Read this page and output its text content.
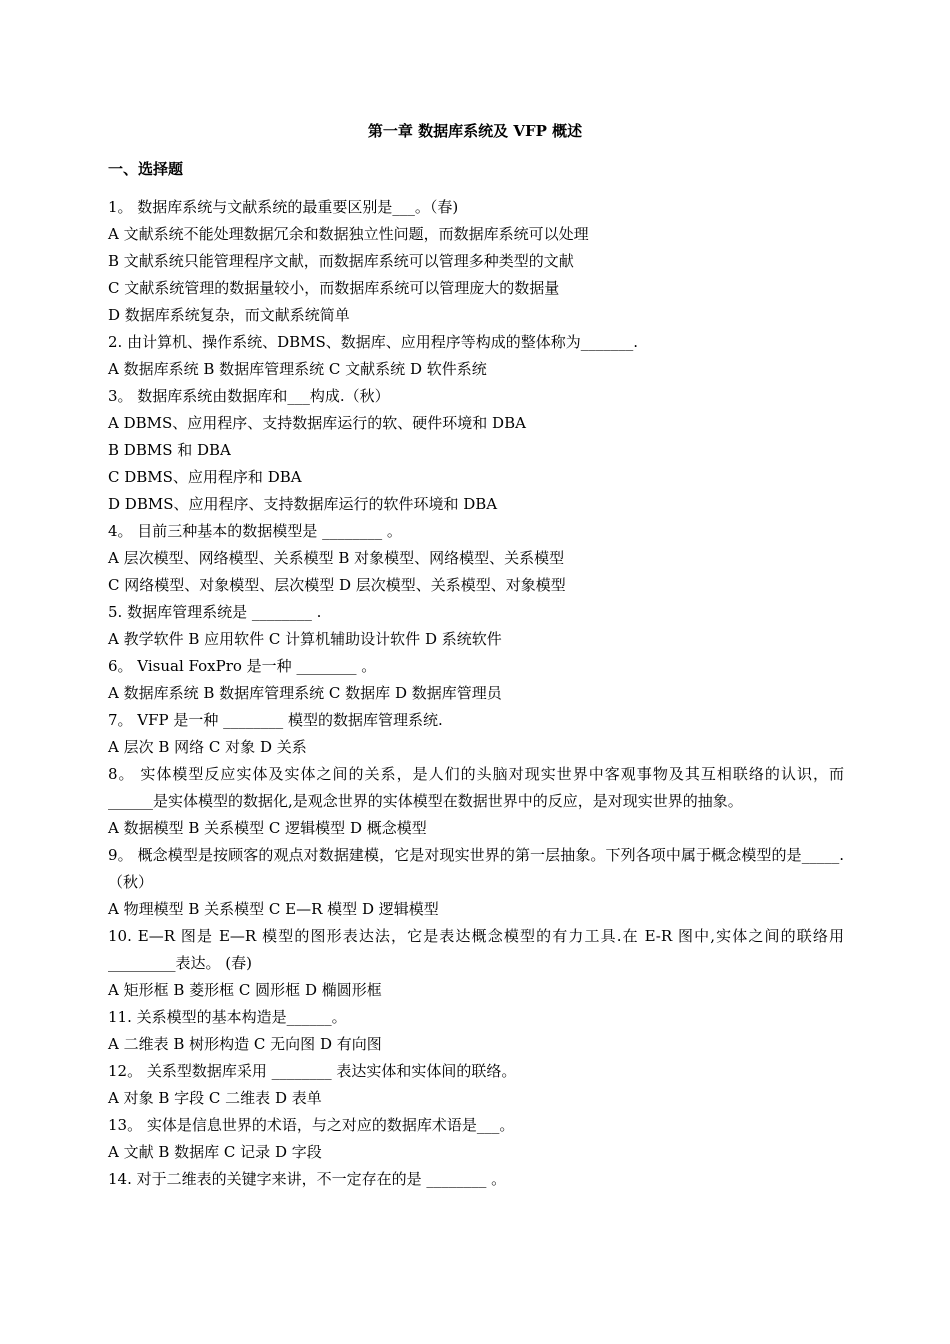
第一章 数据库系统及 VFP 概述
一、选择题
1。 数据库系统与文献系统的最重要区别是___。（春)
A 文献系统不能处理数据冗余和数据独立性问题，而数据库系统可以处理
B 文献系统只能管理程序文献，而数据库系统可以管理多种类型的文献
C 文献系统管理的数据量较小，而数据库系统可以管理庞大的数据量
D 数据库系统复杂，而文献系统简单
2. 由计算机、操作系统、DBMS、数据库、应用程序等构成的整体称为_______.
A 数据库系统 B 数据库管理系统 C 文献系统 D 软件系统
3。 数据库系统由数据库和___构成.（秋）
A DBMS、应用程序、支持数据库运行的软、硬件环境和 DBA
B DBMS 和 DBA
C DBMS、应用程序和 DBA
D DBMS、应用程序、支持数据库运行的软件环境和 DBA
4。 目前三种基本的数据模型是 ________ 。
A 层次模型、网络模型、关系模型 B 对象模型、网络模型、关系模型
C 网络模型、对象模型、层次模型 D 层次模型、关系模型、对象模型
5. 数据库管理系统是 ________ .
A 教学软件 B 应用软件 C 计算机辅助设计软件 D 系统软件
6。 Visual FoxPro 是一种 ________ 。
A 数据库系统 B 数据库管理系统 C 数据库 D 数据库管理员
7。 VFP 是一种 ________ 模型的数据库管理系统.
A 层次 B 网络 C 对象 D 关系
8。 实体模型反应实体及实体之间的关系，是人们的头脑对现实世界中客观事物及其互相联络的认识，而 ______是实体模型的数据化,是观念世界的实体模型在数据世界中的反应，是对现实世界的抽象。
A 数据模型 B 关系模型 C 逻辑模型 D 概念模型
9。 概念模型是按顾客的观点对数据建模，它是对现实世界的第一层抽象。下列各项中属于概念模型的是_____.（秋）
A 物理模型 B 关系模型 C E—R 模型 D 逻辑模型
10. E—R 图是 E—R 模型的图形表达法，它是表达概念模型的有力工具.在 E-R 图中,实体之间的联络用 _________表达。 (春)
A 矩形框 B 菱形框 C 圆形框 D 椭圆形框
11. 关系模型的基本构造是______。
A 二维表 B 树形构造 C 无向图 D 有向图
12。 关系型数据库采用 ________ 表达实体和实体间的联络。
A 对象 B 字段 C 二维表 D 表单
13。 实体是信息世界的术语，与之对应的数据库术语是___。
A 文献 B 数据库 C 记录 D 字段
14. 对于二维表的关键字来讲，不一定存在的是 ________ 。
